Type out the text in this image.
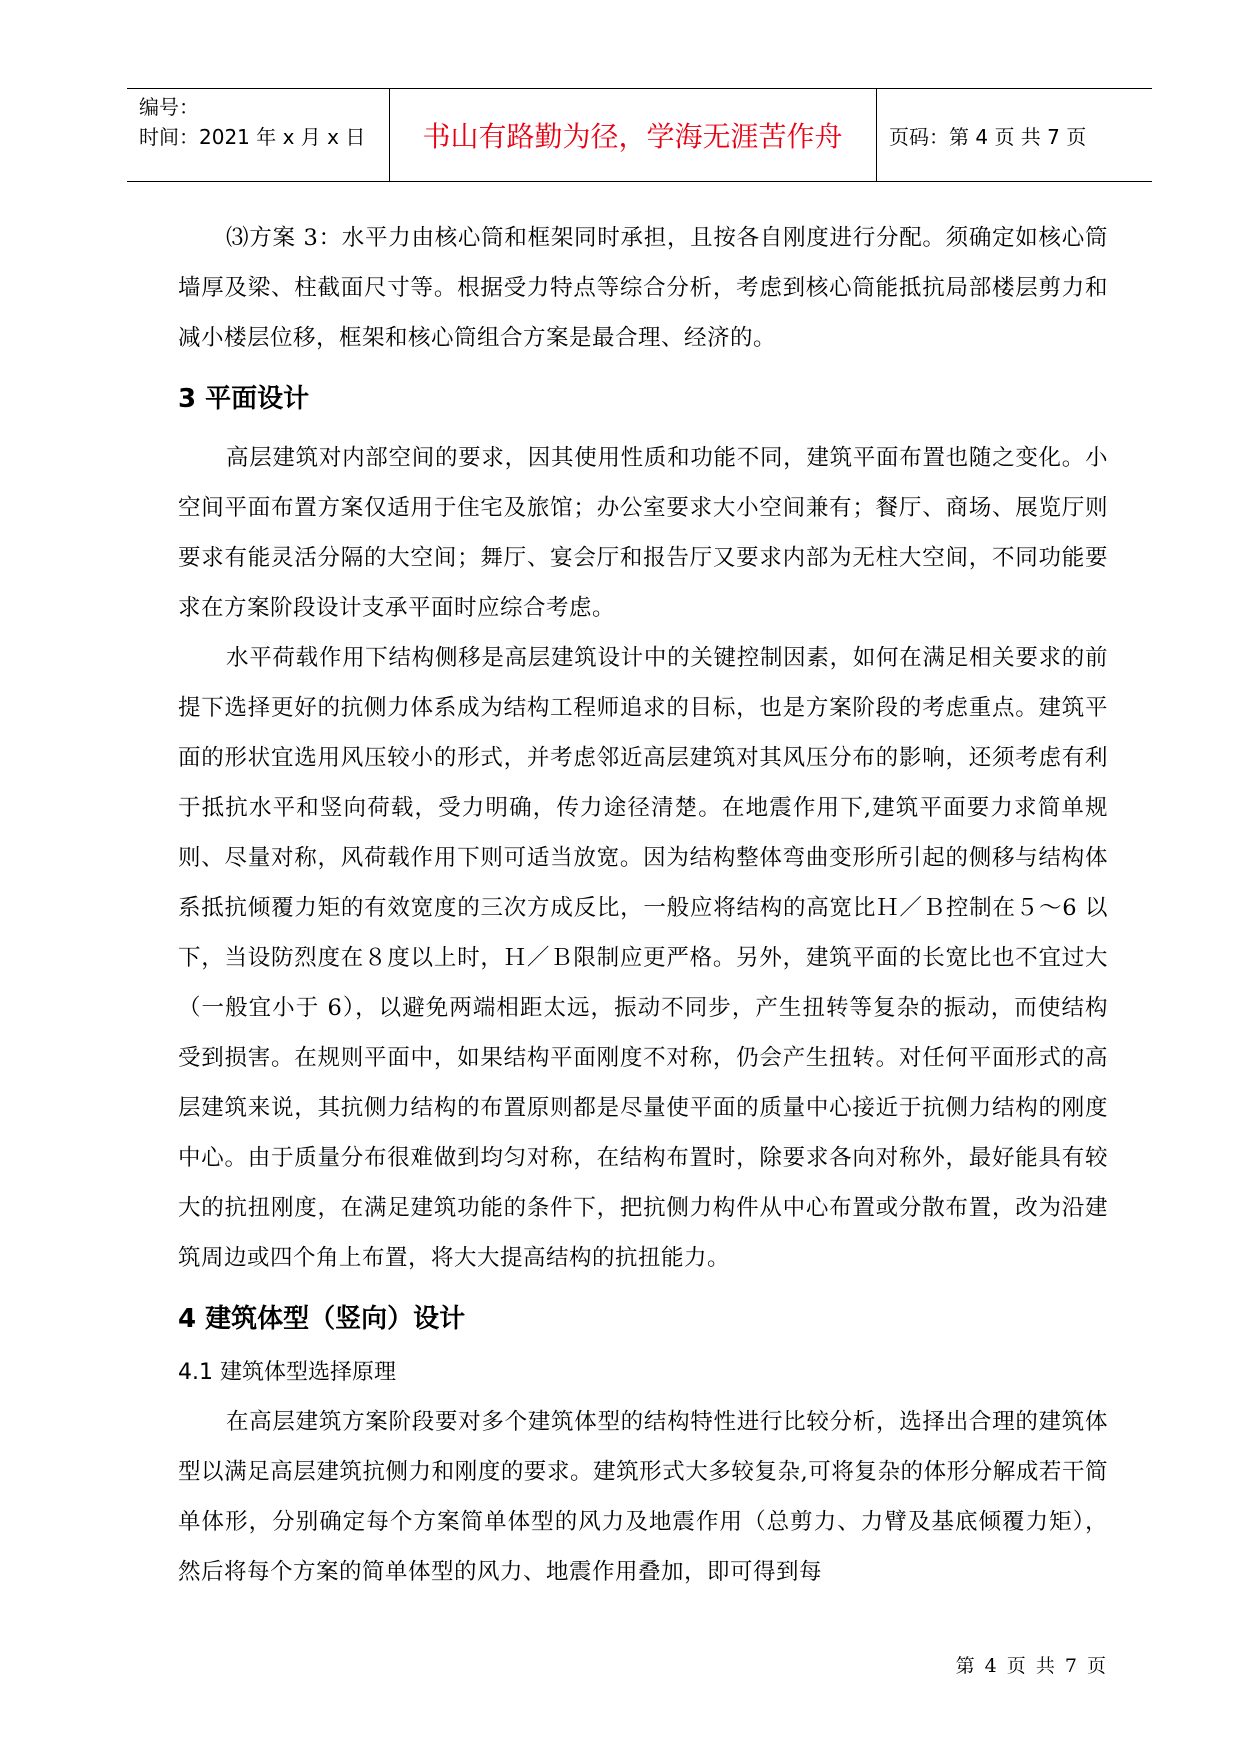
编号：
时间：2021 年 x 月 x 日	书山有路勤为径，学海无涯苦作舟	页码：第 4 页 共 7 页

⑶方案 3：水平力由核心筒和框架同时承担，且按各自刚度进行分配。须确定如核心筒墙厚及梁、柱截面尺寸等。根据受力特点等综合分析，考虑到核心筒能抵抗局部楼层剪力和减小楼层位移，框架和核心筒组合方案是最合理、经济的。

3 平面设计

高层建筑对内部空间的要求，因其使用性质和功能不同，建筑平面布置也随之变化。小空间平面布置方案仅适用于住宅及旅馆；办公室要求大小空间兼有；餐厅、商场、展览厅则要求有能灵活分隔的大空间；舞厅、宴会厅和报告厅又要求内部为无柱大空间，不同功能要求在方案阶段设计支承平面时应综合考虑。

水平荷载作用下结构侧移是高层建筑设计中的关键控制因素，如何在满足相关要求的前提下选择更好的抗侧力体系成为结构工程师追求的目标，也是方案阶段的考虑重点。建筑平面的形状宜选用风压较小的形式，并考虑邻近高层建筑对其风压分布的影响，还须考虑有利于抵抗水平和竖向荷载，受力明确，传力途径清楚。在地震作用下,建筑平面要力求简单规则、尽量对称，风荷载作用下则可适当放宽。因为结构整体弯曲变形所引起的侧移与结构体系抵抗倾覆力矩的有效宽度的三次方成反比，一般应将结构的高宽比Ｈ／Ｂ控制在５～6 以下，当设防烈度在８度以上时，Ｈ／Ｂ限制应更严格。另外，建筑平面的长宽比也不宜过大（一般宜小于 6），以避免两端相距太远，振动不同步，产生扭转等复杂的振动，而使结构受到损害。在规则平面中，如果结构平面刚度不对称，仍会产生扭转。对任何平面形式的高层建筑来说，其抗侧力结构的布置原则都是尽量使平面的质量中心接近于抗侧力结构的刚度中心。由于质量分布很难做到均匀对称，在结构布置时，除要求各向对称外，最好能具有较大的抗扭刚度，在满足建筑功能的条件下，把抗侧力构件从中心布置或分散布置，改为沿建筑周边或四个角上布置，将大大提高结构的抗扭能力。

4 建筑体型（竖向）设计
4.1 建筑体型选择原理

在高层建筑方案阶段要对多个建筑体型的结构特性进行比较分析，选择出合理的建筑体型以满足高层建筑抗侧力和刚度的要求。建筑形式大多较复杂,可将复杂的体形分解成若干简单体形，分别确定每个方案简单体型的风力及地震作用（总剪力、力臂及基底倾覆力矩），然后将每个方案的简单体型的风力、地震作用叠加，即可得到每

第 4 页 共 7 页
